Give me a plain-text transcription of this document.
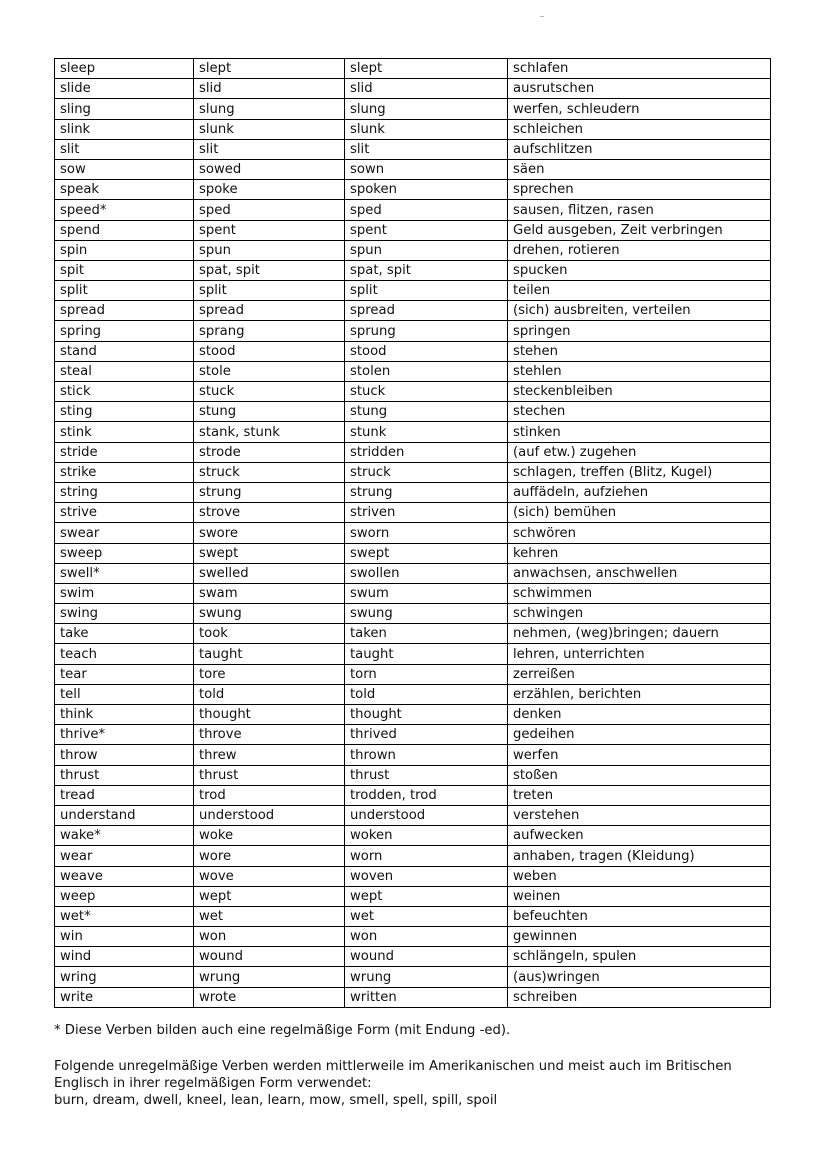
sleep	slept	slept	schlafen
slide	slid	slid	ausrutschen
sling	slung	slung	werfen, schleudern
slink	slunk	slunk	schleichen
slit	slit	slit	aufschlitzen
sow	sowed	sown	säen
speak	spoke	spoken	sprechen
speed*	sped	sped	sausen, flitzen, rasen
spend	spent	spent	Geld ausgeben, Zeit verbringen
spin	spun	spun	drehen, rotieren
spit	spat, spit	spat, spit	spucken
split	split	split	teilen
spread	spread	spread	(sich) ausbreiten, verteilen
spring	sprang	sprung	springen
stand	stood	stood	stehen
steal	stole	stolen	stehlen
stick	stuck	stuck	steckenbleiben
sting	stung	stung	stechen
stink	stank, stunk	stunk	stinken
stride	strode	stridden	(auf etw.) zugehen
strike	struck	struck	schlagen, treffen (Blitz, Kugel)
string	strung	strung	auffädeln, aufziehen
strive	strove	striven	(sich) bemühen
swear	swore	sworn	schwören
sweep	swept	swept	kehren
swell*	swelled	swollen	anwachsen, anschwellen
swim	swam	swum	schwimmen
swing	swung	swung	schwingen
take	took	taken	nehmen, (weg)bringen; dauern
teach	taught	taught	lehren, unterrichten
tear	tore	torn	zerreißen
tell	told	told	erzählen, berichten
think	thought	thought	denken
thrive*	throve	thrived	gedeihen
throw	threw	thrown	werfen
thrust	thrust	thrust	stoßen
tread	trod	trodden, trod	treten
understand	understood	understood	verstehen
wake*	woke	woken	aufwecken
wear	wore	worn	anhaben, tragen (Kleidung)
weave	wove	woven	weben
weep	wept	wept	weinen
wet*	wet	wet	befeuchten
win	won	won	gewinnen
wind	wound	wound	schlängeln, spulen
wring	wrung	wrung	(aus)wringen
write	wrote	written	schreiben

* Diese Verben bilden auch eine regelmäßige Form (mit Endung -ed).

Folgende unregelmäßige Verben werden mittlerweile im Amerikanischen und meist auch im Britischen

Englisch in ihrer regelmäßigen Form verwendet:

burn, dream, dwell, kneel, lean, learn, mow, smell, spell, spill, spoil
